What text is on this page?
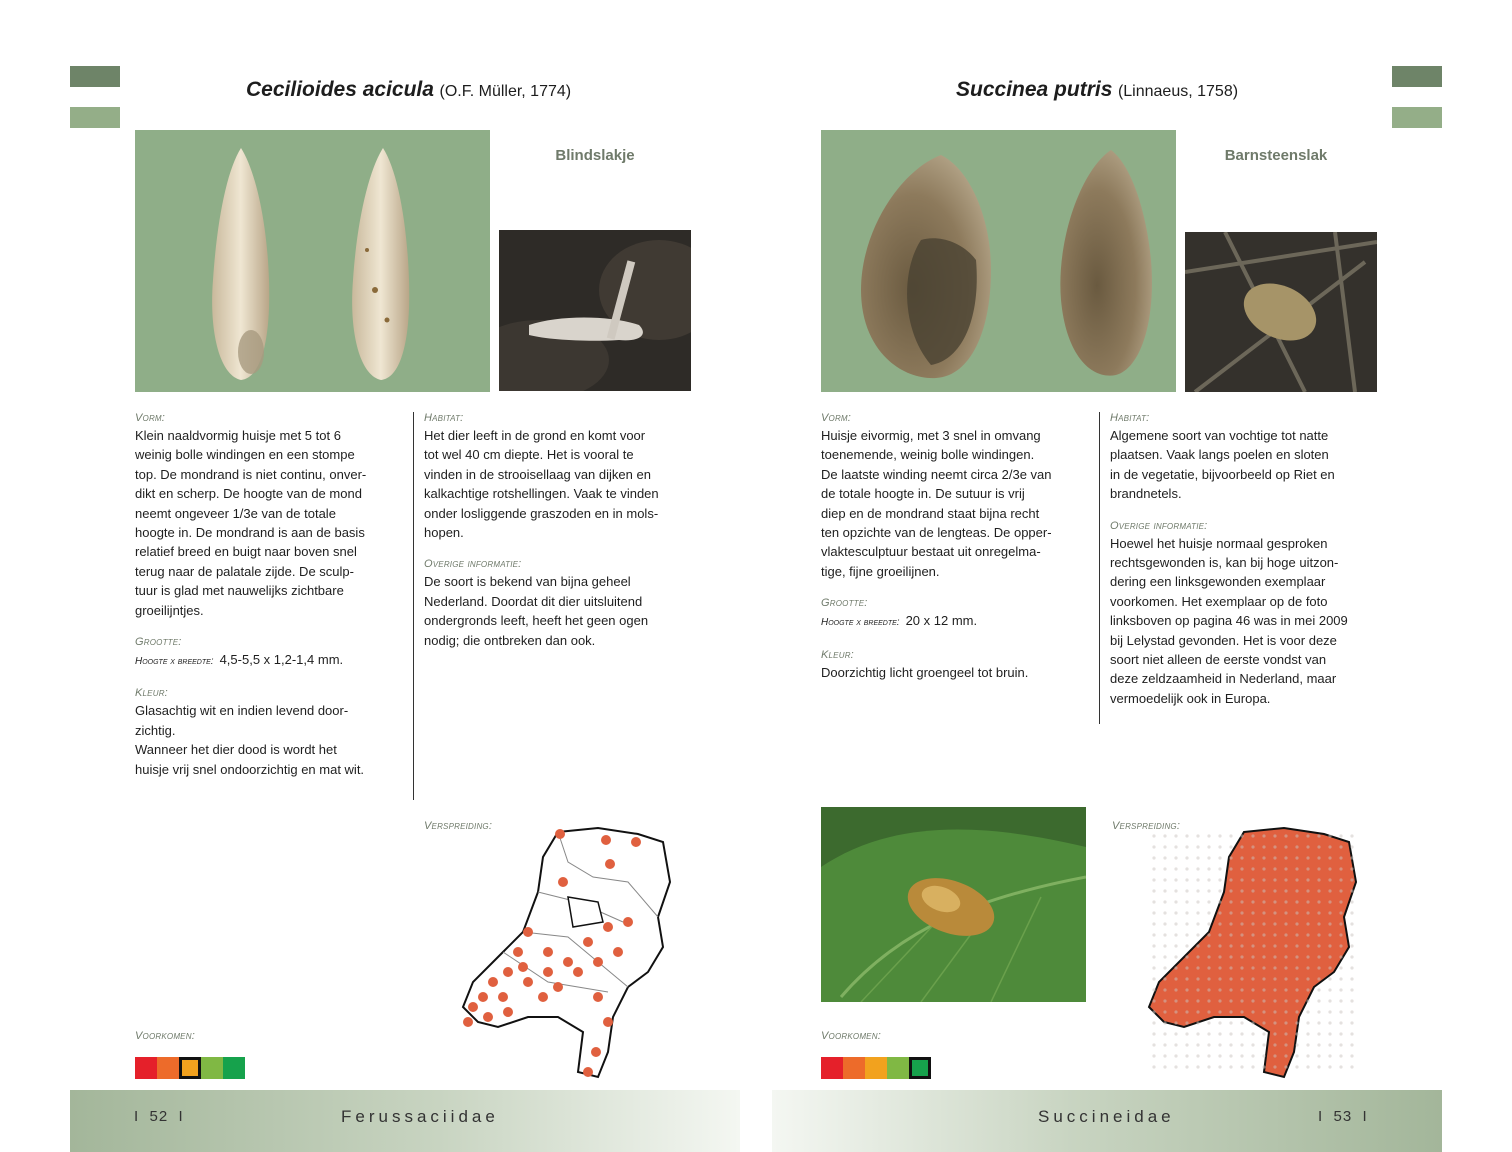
Cecilioides acicula (O.F. Müller, 1774)
Blindslakje
Vorm:

Klein naaldvormig huisje met 5 tot 6
weinig bolle windingen en een stompe
top. De mondrand is niet continu, onver-
dikt en scherp. De hoogte van de mond
neemt ongeveer 1/3e van de totale
hoogte in. De mondrand is aan de basis
relatief breed en buigt naar boven snel
terug naar de palatale zijde. De sculp-
tuur is glad met nauwelijks zichtbare
groeilijntjes.

Grootte:

Hoogte x breedte: 4,5-5,5 x 1,2-1,4 mm.

Kleur:

Glasachtig wit en indien levend door-
zichtig.
Wanneer het dier dood is wordt het
huisje vrij snel ondoorzichtig en mat wit.

Habitat:

Het dier leeft in de grond en komt voor
tot wel 40 cm diepte. Het is vooral te
vinden in de strooisellaag van dijken en
kalkachtige rotshellingen. Vaak te vinden
onder losliggende graszoden en in mols-
hopen.

Overige informatie:

De soort is bekend van bijna geheel
Nederland. Doordat dit dier uitsluitend
ondergronds leeft, heeft het geen ogen
nodig; die ontbreken dan ook.

Verspreiding:
Voorkomen:
I  52  I	Ferussaciidae
Succinea putris (Linnaeus, 1758)
Barnsteenslak
Vorm:

Huisje eivormig, met 3 snel in omvang
toenemende, weinig bolle windingen.
De laatste winding neemt circa 2/3e van
de totale hoogte in. De sutuur is vrij
diep en de mondrand staat bijna recht
ten opzichte van de lengteas. De opper-
vlaktesculptuur bestaat uit onregelma-
tige, fijne groeilijnen.

Grootte:

Hoogte x breedte: 20 x 12 mm.

Kleur:

Doorzichtig licht groengeel tot bruin.

Habitat:

Algemene soort van vochtige tot natte
plaatsen. Vaak langs poelen en sloten
in de vegetatie, bijvoorbeeld op Riet en
brandnetels.

Overige informatie:

Hoewel het huisje normaal gesproken
rechtsgewonden is, kan bij hoge uitzon-
dering een linksgewonden exemplaar
voorkomen. Het exemplaar op de foto
linksboven op pagina 46 was in mei 2009
bij Lelystad gevonden. Het is voor deze
soort niet alleen de eerste vondst van
deze zeldzaamheid in Nederland, maar
vermoedelijk ook in Europa.

Verspreiding:
Voorkomen:
Succineidae	I  53  I
